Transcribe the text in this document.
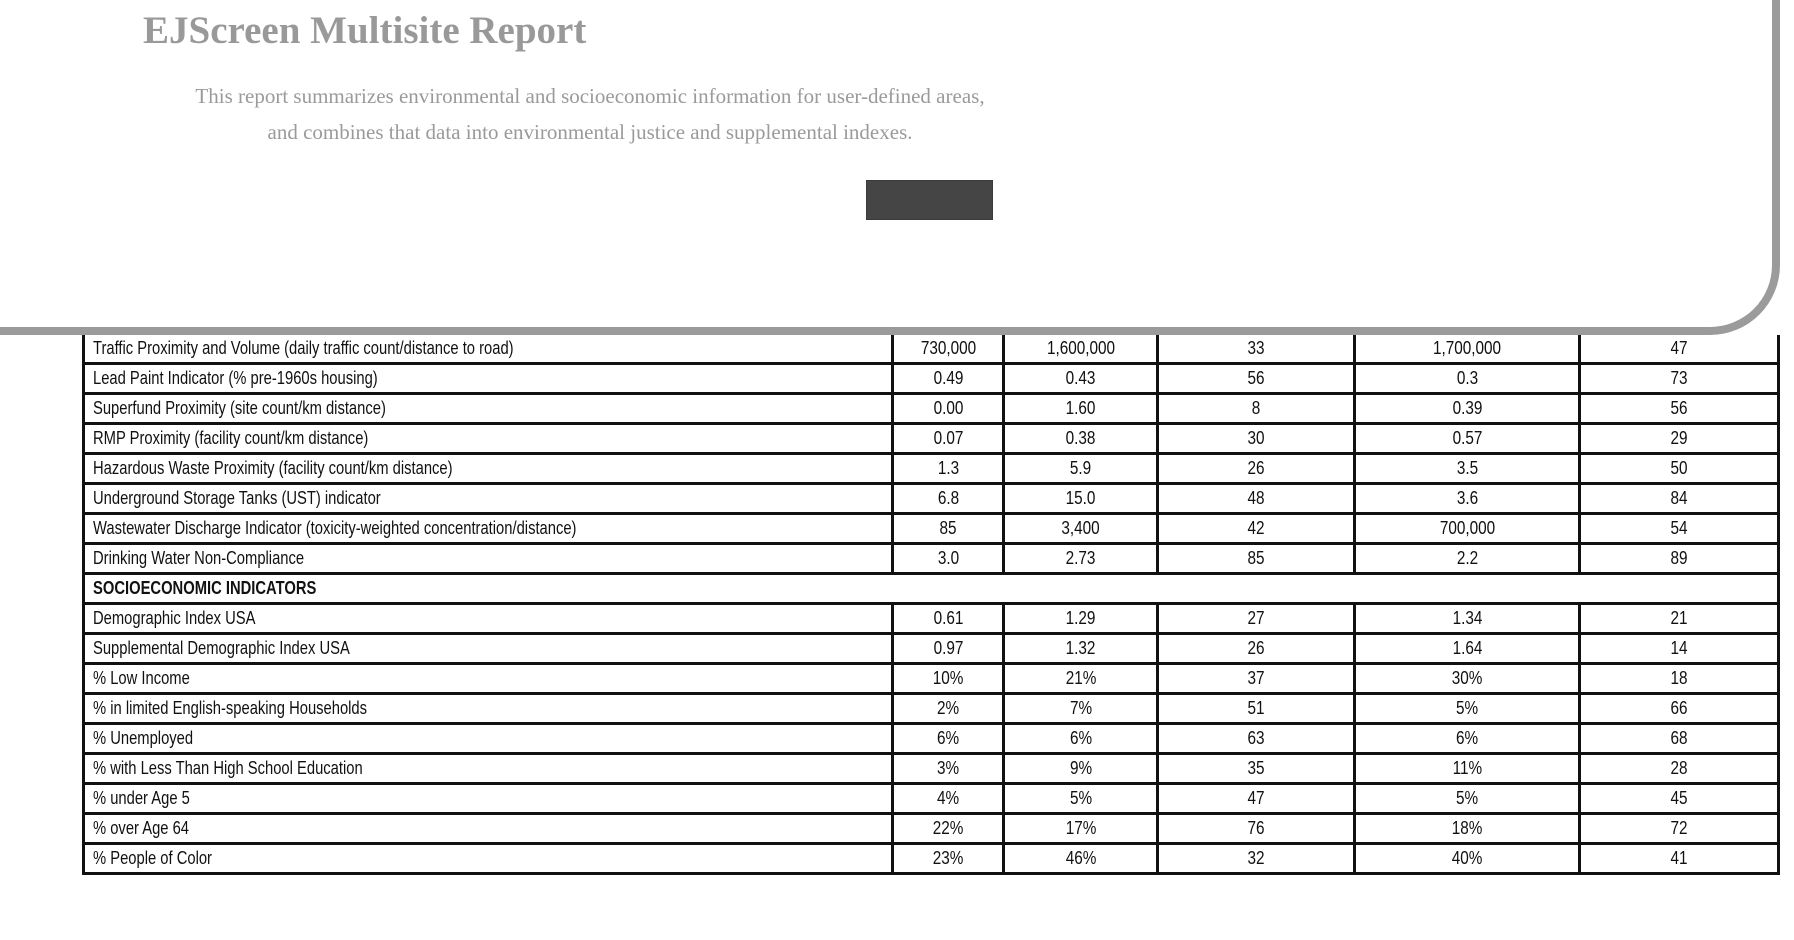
EJScreen Multisite Report
This report summarizes environmental and socioeconomic information for user-defined areas,
and combines that data into environmental justice and supplemental indexes.
Traffic Proximity and Volume (daily traffic count/distance to road)	730,000	1,600,000	33	1,700,000	47
Lead Paint Indicator (% pre-1960s housing)	0.49	0.43	56	0.3	73
Superfund Proximity (site count/km distance)	0.00	1.60	8	0.39	56
RMP Proximity (facility count/km distance)	0.07	0.38	30	0.57	29
Hazardous Waste Proximity (facility count/km distance)	1.3	5.9	26	3.5	50
Underground Storage Tanks (UST) indicator	6.8	15.0	48	3.6	84
Wastewater Discharge Indicator (toxicity-weighted concentration/distance)	85	3,400	42	700,000	54
Drinking Water Non-Compliance	3.0	2.73	85	2.2	89
SOCIOECONOMIC INDICATORS					
Demographic Index USA	0.61	1.29	27	1.34	21
Supplemental Demographic Index USA	0.97	1.32	26	1.64	14
% Low Income	10%	21%	37	30%	18
% in limited English-speaking Households	2%	7%	51	5%	66
% Unemployed	6%	6%	63	6%	68
% with Less Than High School Education	3%	9%	35	11%	28
% under Age 5	4%	5%	47	5%	45
% over Age 64	22%	17%	76	18%	72
% People of Color	23%	46%	32	40%	41
